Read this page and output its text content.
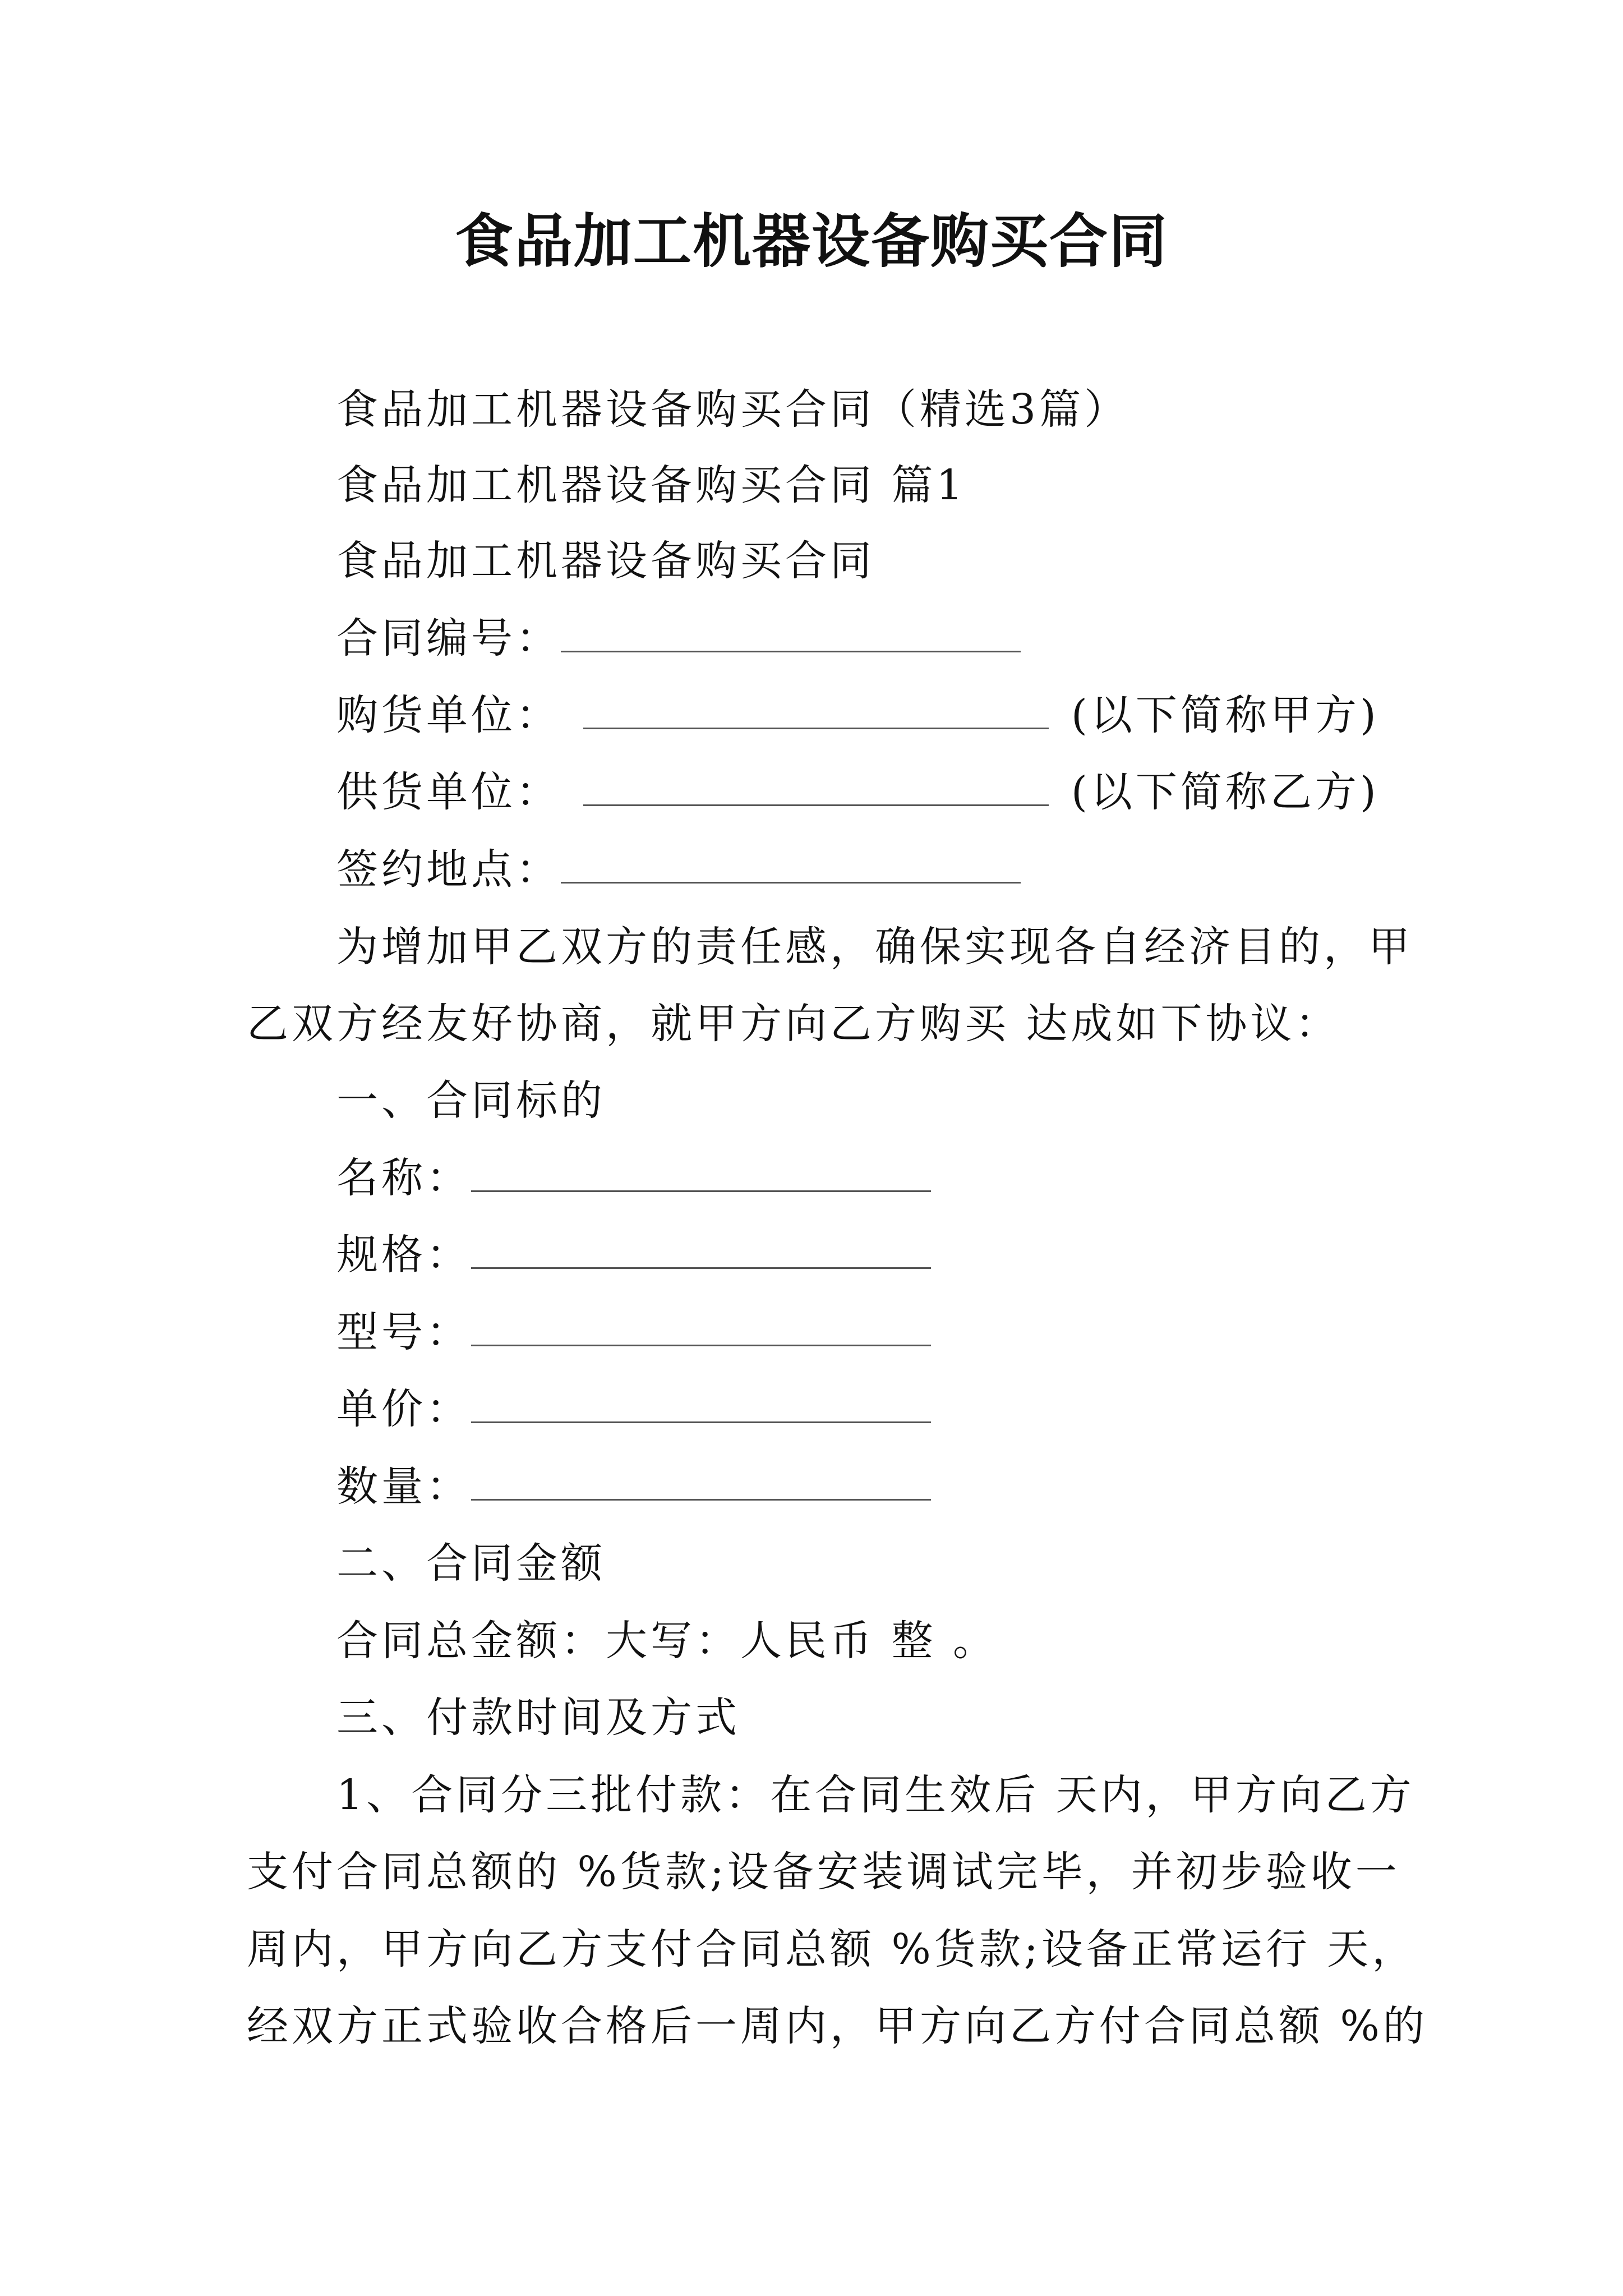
食品加工机器设备购买合同
食品加工机器设备购买合同（精选3篇）
食品加工机器设备购买合同 篇1
食品加工机器设备购买合同
合同编号：
购货单位：	(以下简称甲方)
供货单位：	(以下简称乙方)
签约地点：
为增加甲乙双方的责任感，确保实现各自经济目的，甲
乙双方经友好协商，就甲方向乙方购买 达成如下协议：
一、合同标的
名称：
规格：
型号：
单价：
数量：
二、合同金额
合同总金额：大写：人民币 整 。
三、付款时间及方式
1、合同分三批付款：在合同生效后 天内，甲方向乙方
支付合同总额的 %货款;设备安装调试完毕，并初步验收一
周内，甲方向乙方支付合同总额 %货款;设备正常运行 天，
经双方正式验收合格后一周内，甲方向乙方付合同总额 %的
